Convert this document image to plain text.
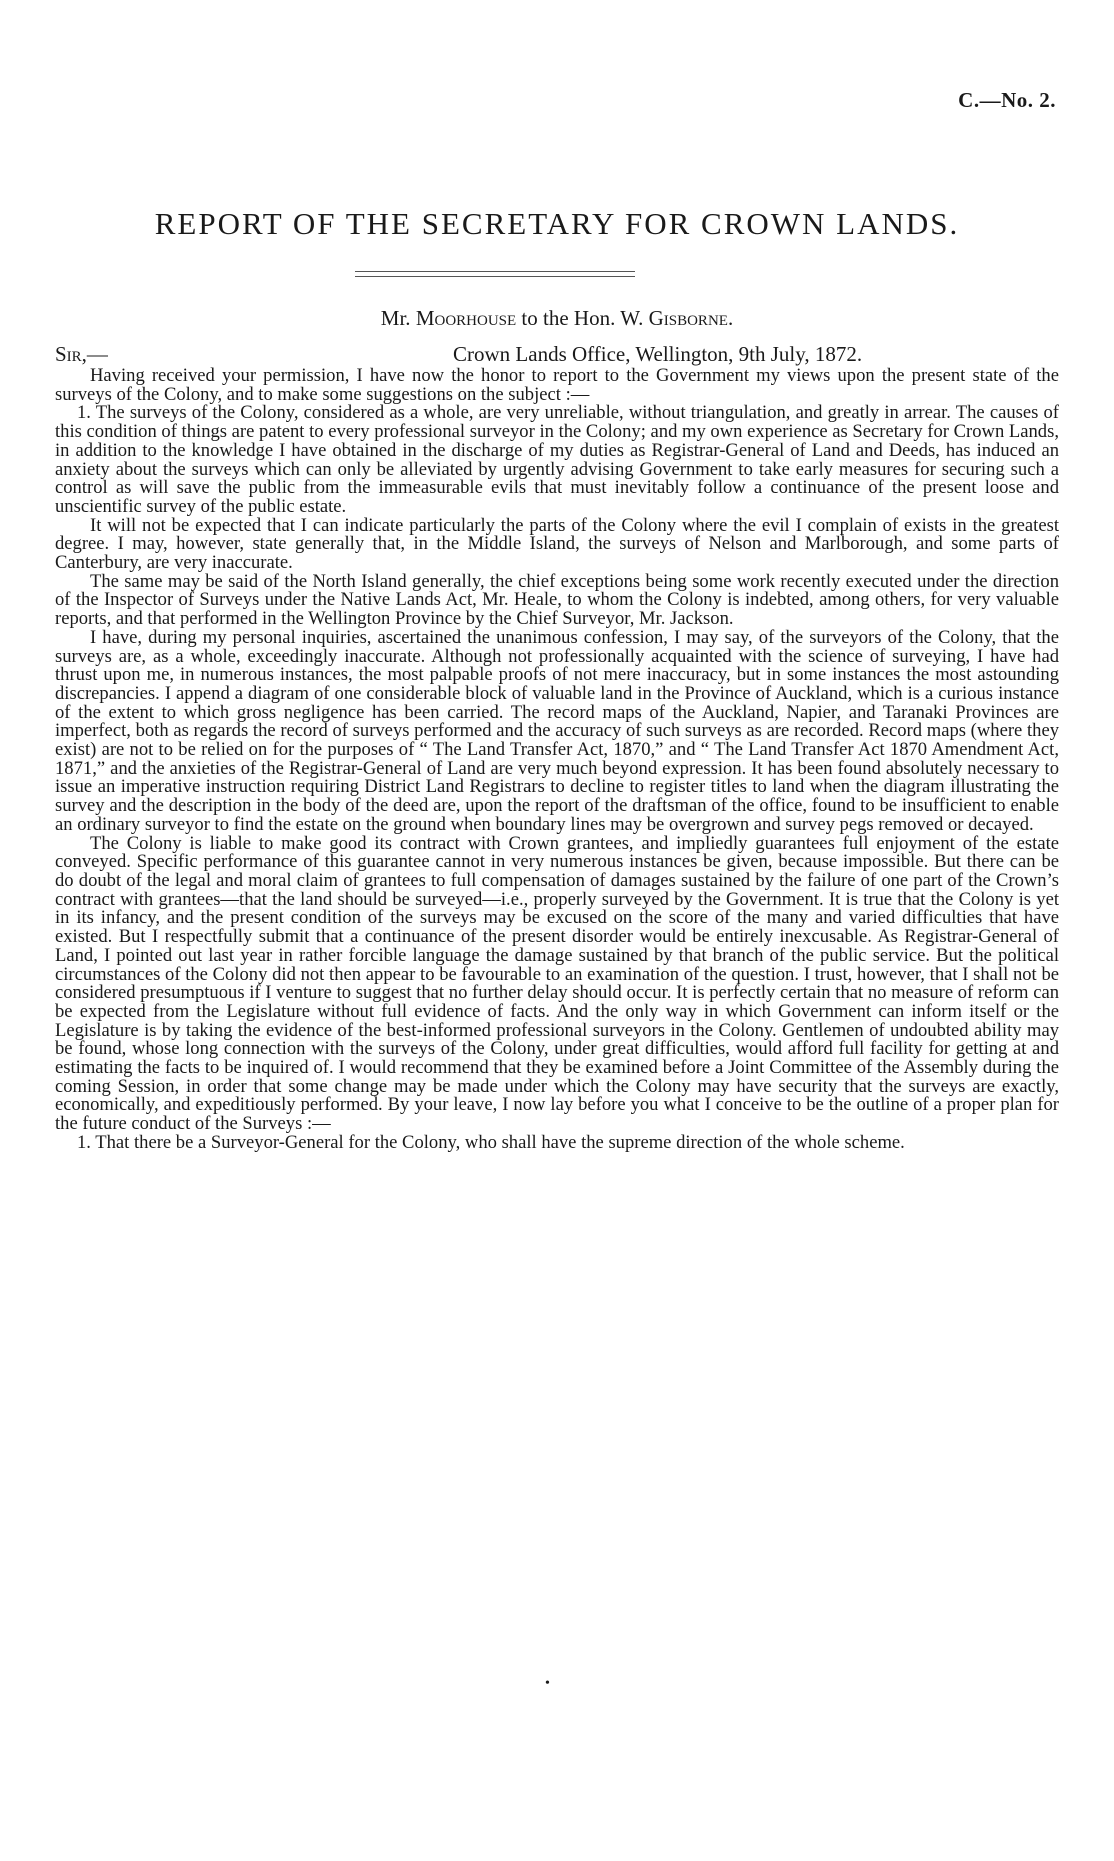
C.—No. 2.
REPORT OF THE SECRETARY FOR CROWN LANDS.
Mr. Moorhouse to the Hon. W. Gisborne.
Sir,—	Crown Lands Office, Wellington, 9th July, 1872.

Having received your permission, I have now the honor to report to the Government my views upon the present state of the surveys of the Colony, and to make some suggestions on the subject :—

1. The surveys of the Colony, considered as a whole, are very unreliable, without triangulation, and greatly in arrear. The causes of this condition of things are patent to every professional surveyor in the Colony; and my own experience as Secretary for Crown Lands, in addition to the knowledge I have obtained in the discharge of my duties as Registrar-General of Land and Deeds, has induced an anxiety about the surveys which can only be alleviated by urgently advising Government to take early measures for securing such a control as will save the public from the immeasurable evils that must inevitably follow a continuance of the present loose and unscientific survey of the public estate.

It will not be expected that I can indicate particularly the parts of the Colony where the evil I complain of exists in the greatest degree. I may, however, state generally that, in the Middle Island, the surveys of Nelson and Marlborough, and some parts of Canterbury, are very inaccurate.

The same may be said of the North Island generally, the chief exceptions being some work recently executed under the direction of the Inspector of Surveys under the Native Lands Act, Mr. Heale, to whom the Colony is indebted, among others, for very valuable reports, and that performed in the Wellington Province by the Chief Surveyor, Mr. Jackson.

I have, during my personal inquiries, ascertained the unanimous confession, I may say, of the surveyors of the Colony, that the surveys are, as a whole, exceedingly inaccurate. Although not professionally acquainted with the science of surveying, I have had thrust upon me, in numerous instances, the most palpable proofs of not mere inaccuracy, but in some instances the most astounding discrepancies. I append a diagram of one considerable block of valuable land in the Province of Auckland, which is a curious instance of the extent to which gross negligence has been carried. The record maps of the Auckland, Napier, and Taranaki Provinces are imperfect, both as regards the record of surveys performed and the accuracy of such surveys as are recorded. Record maps (where they exist) are not to be relied on for the purposes of “ The Land Transfer Act, 1870,” and “ The Land Transfer Act 1870 Amendment Act, 1871,” and the anxieties of the Registrar-General of Land are very much beyond expression. It has been found absolutely necessary to issue an imperative instruction requiring District Land Registrars to decline to register titles to land when the diagram illustrating the survey and the description in the body of the deed are, upon the report of the draftsman of the office, found to be insufficient to enable an ordinary surveyor to find the estate on the ground when boundary lines may be overgrown and survey pegs removed or decayed.

The Colony is liable to make good its contract with Crown grantees, and impliedly guarantees full enjoyment of the estate conveyed. Specific performance of this guarantee cannot in very numerous instances be given, because impossible. But there can be do doubt of the legal and moral claim of grantees to full compensation of damages sustained by the failure of one part of the Crown’s contract with grantees—that the land should be surveyed—i.e., properly surveyed by the Government. It is true that the Colony is yet in its infancy, and the present condition of the surveys may be excused on the score of the many and varied difficulties that have existed. But I respectfully submit that a continuance of the present disorder would be entirely inexcusable. As Registrar-General of Land, I pointed out last year in rather forcible language the damage sustained by that branch of the public service. But the political circumstances of the Colony did not then appear to be favourable to an examination of the question. I trust, however, that I shall not be considered presumptuous if I venture to suggest that no further delay should occur. It is perfectly certain that no measure of reform can be expected from the Legislature without full evidence of facts. And the only way in which Government can inform itself or the Legislature is by taking the evidence of the best-informed professional surveyors in the Colony. Gentlemen of undoubted ability may be found, whose long connection with the surveys of the Colony, under great difficulties, would afford full facility for getting at and estimating the facts to be inquired of. I would recommend that they be examined before a Joint Committee of the Assembly during the coming Session, in order that some change may be made under which the Colony may have security that the surveys are exactly, economically, and expeditiously performed. By your leave, I now lay before you what I conceive to be the outline of a proper plan for the future conduct of the Surveys :—

1. That there be a Surveyor-General for the Colony, who shall have the supreme direction of the whole scheme.

•
